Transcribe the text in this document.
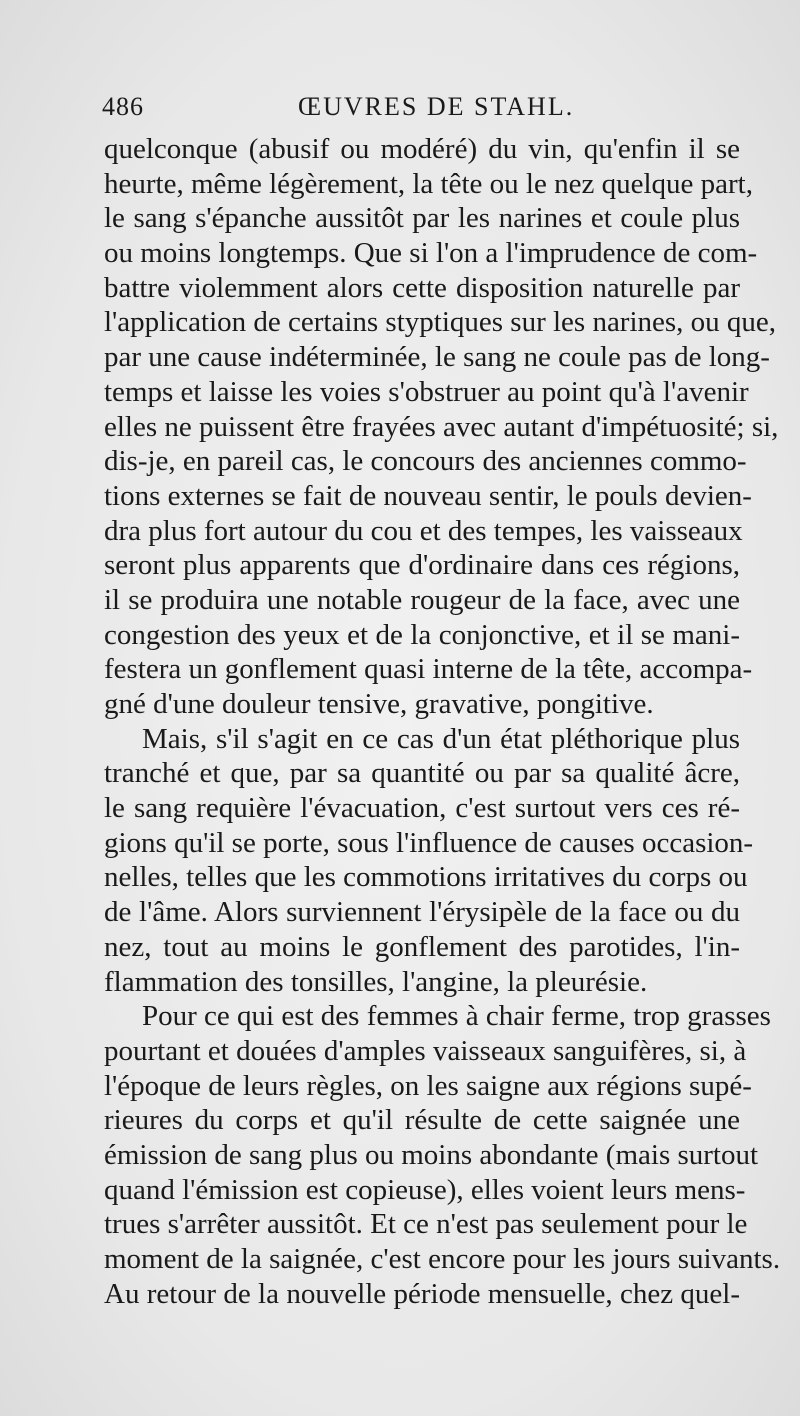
486	ŒUVRES DE STAHL.
quelconque (abusif ou modéré) du vin, qu'enfin il se
heurte, même légèrement, la tête ou le nez quelque part,
le sang s'épanche aussitôt par les narines et coule plus
ou moins longtemps. Que si l'on a l'imprudence de com-
battre violemment alors cette disposition naturelle par
l'application de certains styptiques sur les narines, ou que,
par une cause indéterminée, le sang ne coule pas de long-
temps et laisse les voies s'obstruer au point qu'à l'avenir
elles ne puissent être frayées avec autant d'impétuosité; si,
dis-je, en pareil cas, le concours des anciennes commo-
tions externes se fait de nouveau sentir, le pouls devien-
dra plus fort autour du cou et des tempes, les vaisseaux
seront plus apparents que d'ordinaire dans ces régions,
il se produira une notable rougeur de la face, avec une
congestion des yeux et de la conjonctive, et il se mani-
festera un gonflement quasi interne de la tête, accompa-
gné d'une douleur tensive, gravative, pongitive.
Mais, s'il s'agit en ce cas d'un état pléthorique plus
tranché et que, par sa quantité ou par sa qualité âcre,
le sang requière l'évacuation, c'est surtout vers ces ré-
gions qu'il se porte, sous l'influence de causes occasion-
nelles, telles que les commotions irritatives du corps ou
de l'âme. Alors surviennent l'érysipèle de la face ou du
nez, tout au moins le gonflement des parotides, l'in-
flammation des tonsilles, l'angine, la pleurésie.
Pour ce qui est des femmes à chair ferme, trop grasses
pourtant et douées d'amples vaisseaux sanguifères, si, à
l'époque de leurs règles, on les saigne aux régions supé-
rieures du corps et qu'il résulte de cette saignée une
émission de sang plus ou moins abondante (mais surtout
quand l'émission est copieuse), elles voient leurs mens-
trues s'arrêter aussitôt. Et ce n'est pas seulement pour le
moment de la saignée, c'est encore pour les jours suivants.
Au retour de la nouvelle période mensuelle, chez quel-
